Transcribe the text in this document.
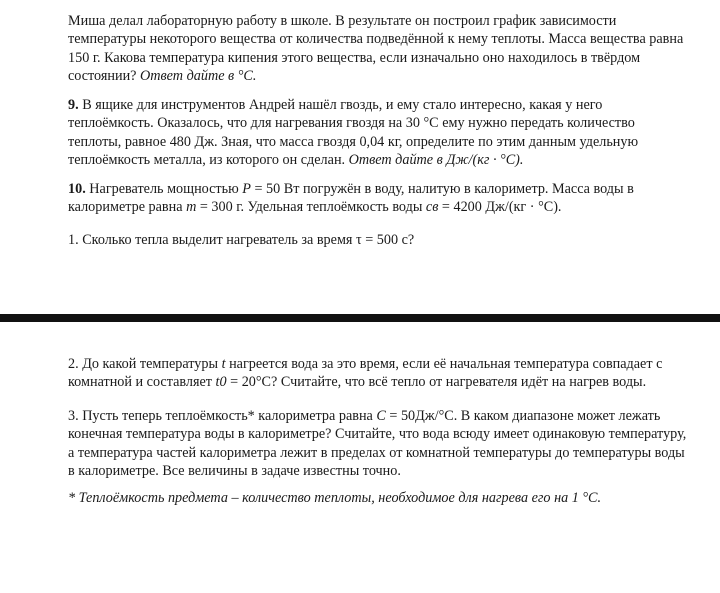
Миша делал лабораторную работу в школе. В результате он построил график зависимости температуры некоторого вещества от количества подведённой к нему теплоты. Масса вещества равна 150 г. Какова температура кипения этого вещества, если изначально оно находилось в твёрдом состоянии? Ответ дайте в °С.
9. В ящике для инструментов Андрей нашёл гвоздь, и ему стало интересно, какая у него теплоёмкость. Оказалось, что для нагревания гвоздя на 30 °С ему нужно передать количество теплоты, равное 480 Дж. Зная, что масса гвоздя 0,04 кг, определите по этим данным удельную теплоёмкость металла, из которого он сделан. Ответ дайте в Дж/(кг · °С).
10. Нагреватель мощностью P = 50 Вт погружён в воду, налитую в калориметр. Масса воды в калориметре равна m = 300 г. Удельная теплоёмкость воды cв = 4200 Дж/(кг · °С).
1. Сколько тепла выделит нагреватель за время τ = 500 с?
2. До какой температуры t нагреется вода за это время, если её начальная температура совпадает с комнатной и составляет t0 = 20°С? Считайте, что всё тепло от нагревателя идёт на нагрев воды.
3. Пусть теперь теплоёмкость* калориметра равна C = 50Дж/°С. В каком диапазоне может лежать конечная температура воды в калориметре? Считайте, что вода всюду имеет одинаковую температуру, а температура частей калориметра лежит в пределах от комнатной температуры до температуры воды в калориметре. Все величины в задаче известны точно.
* Теплоёмкость предмета – количество теплоты, необходимое для нагрева его на 1 °С.
